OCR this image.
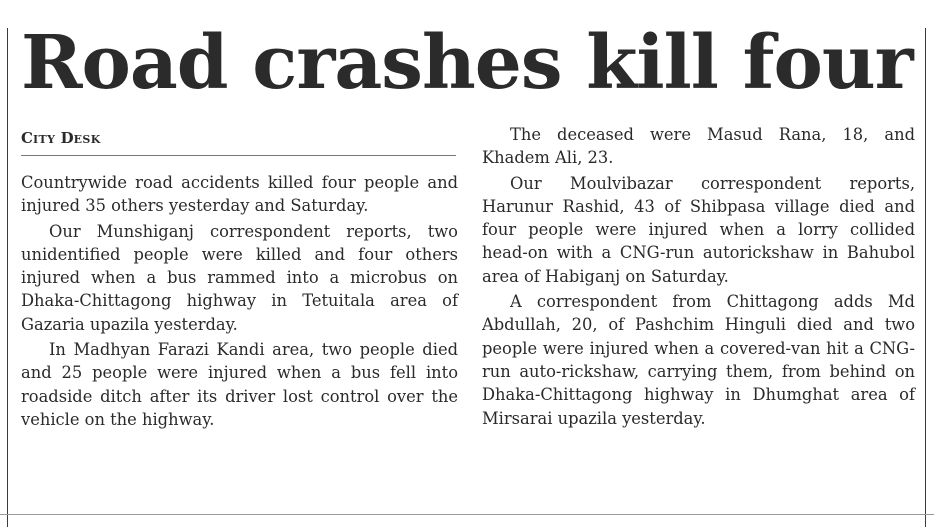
Road crashes kill four
CITY DESK

Countrywide road accidents killed four people and injured 35 others yesterday and Saturday.

Our Munshiganj correspondent reports, two unidentified people were killed and four others injured when a bus rammed into a microbus on Dhaka-Chittagong highway in Tetuitala area of Gazaria upazila yesterday.

In Madhyan Farazi Kandi area, two people died and 25 people were injured when a bus fell into roadside ditch after its driver lost control over the vehicle on the highway.

The deceased were Masud Rana, 18, and Khadem Ali, 23.

Our Moulvibazar correspondent reports, Harunur Rashid, 43 of Shibpasa village died and four people were injured when a lorry collided head-on with a CNG-run autorickshaw in Bahubol area of Habiganj on Saturday.

A correspondent from Chittagong adds Md Abdullah, 20, of Pashchim Hinguli died and two people were injured when a covered-van hit a CNG-run auto-rickshaw, carrying them, from behind on Dhaka-Chittagong highway in Dhumghat area of Mirsarai upazila yesterday.
